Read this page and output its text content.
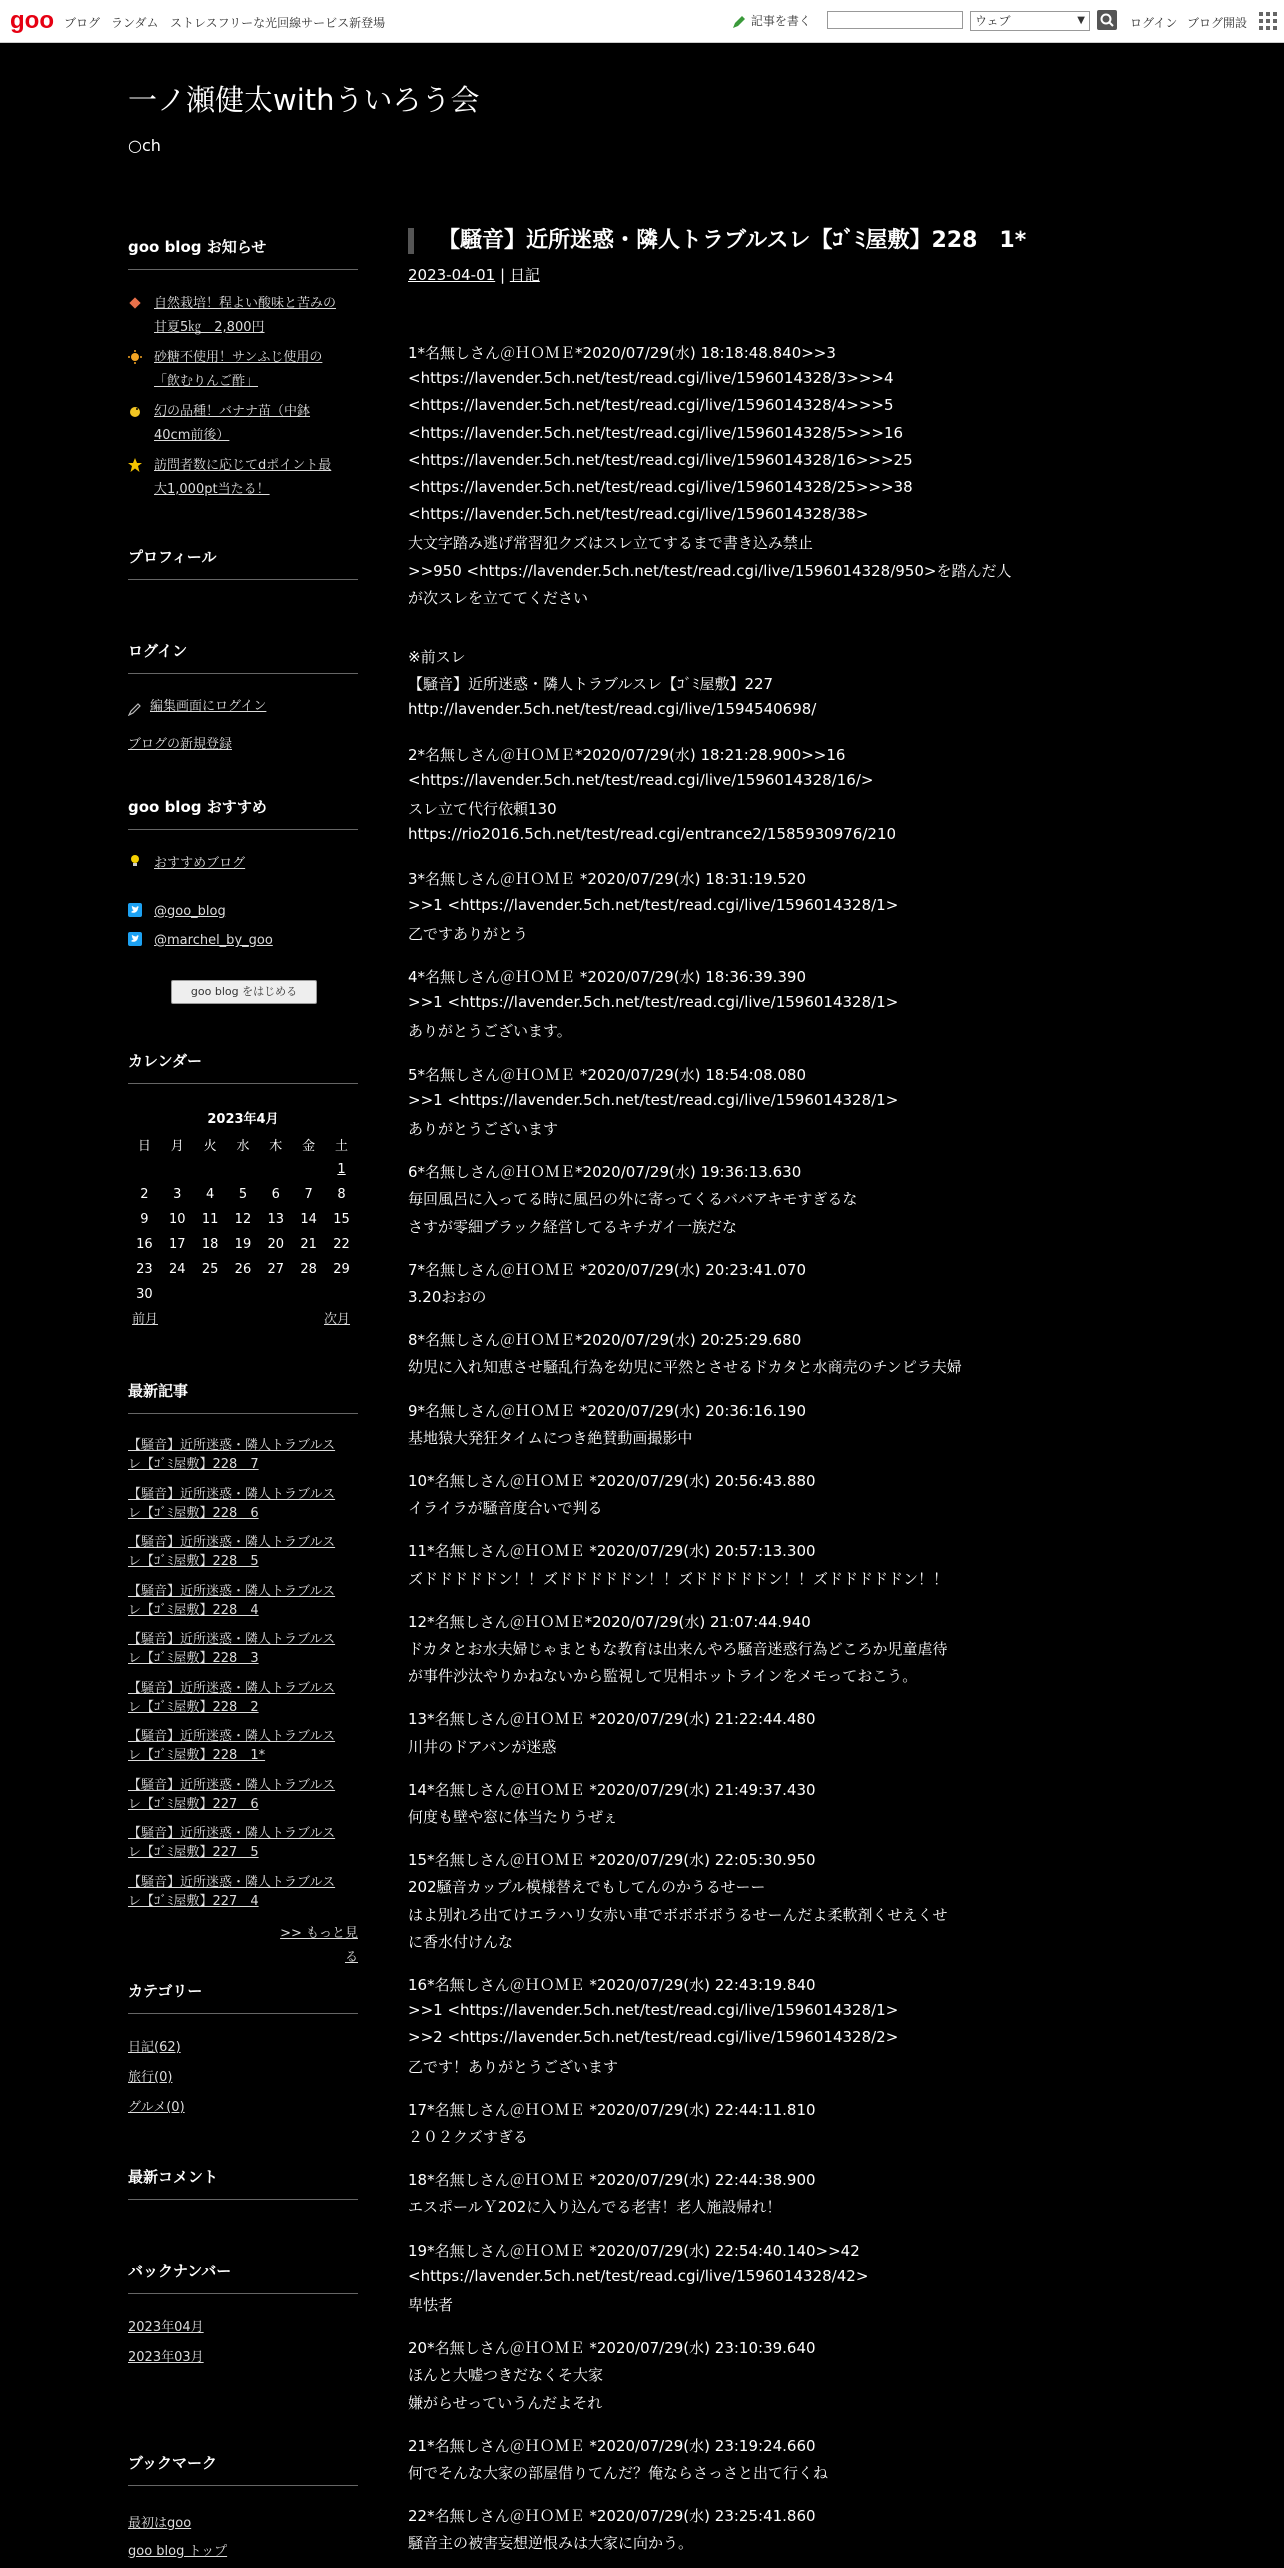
goo ブログ ランダム ストレスフリーな光回線サービス新登場	記事を書く	ウェブ	▼	ログイン ブログ開設
一ノ瀬健太withういろう会
○ch
goo blog お知らせ
自然栽培！程よい酸味と苦みの
甘夏5㎏　2,800円
砂糖不使用！サンふじ使用の
「飲むりんご酢」
幻の品種！バナナ苗（中鉢
40cm前後）
訪問者数に応じてdポイント最
大1,000pt当たる！
プロフィール
ログイン
編集画面にログイン
ブログの新規登録
goo blog おすすめ
おすすめブログ
@goo_blog
@marchel_by_goo
goo blog をはじめる
カレンダー
2023年4月
日	月	火	水	木	金	土
						1
2	3	4	5	6	7	8
9	10	11	12	13	14	15
16	17	18	19	20	21	22
23	24	25	26	27	28	29
30						
前月	次月
最新記事
【騒音】近所迷惑・隣人トラブルス
レ【ｺﾞﾐ屋敷】228　7
【騒音】近所迷惑・隣人トラブルス
レ【ｺﾞﾐ屋敷】228　6
【騒音】近所迷惑・隣人トラブルス
レ【ｺﾞﾐ屋敷】228　5
【騒音】近所迷惑・隣人トラブルス
レ【ｺﾞﾐ屋敷】228　4
【騒音】近所迷惑・隣人トラブルス
レ【ｺﾞﾐ屋敷】228　3
【騒音】近所迷惑・隣人トラブルス
レ【ｺﾞﾐ屋敷】228　2
【騒音】近所迷惑・隣人トラブルス
レ【ｺﾞﾐ屋敷】228　1*
【騒音】近所迷惑・隣人トラブルス
レ【ｺﾞﾐ屋敷】227　6
【騒音】近所迷惑・隣人トラブルス
レ【ｺﾞﾐ屋敷】227　5
【騒音】近所迷惑・隣人トラブルス
レ【ｺﾞﾐ屋敷】227　4
>> もっと見る
カテゴリー
日記(62)
旅行(0)
グルメ(0)
最新コメント
バックナンバー
2023年04月
2023年03月
ブックマーク
最初はgoo
goo blog トップ
【騒音】近所迷惑・隣人トラブルスレ【ｺﾞﾐ屋敷】228　1*
2023-04-01 | 日記
1*名無しさん＠ＨＯＭＥ*2020/07/29(水) 18:18:48.840>>3
<https://lavender.5ch.net/test/read.cgi/live/1596014328/3>>>4
<https://lavender.5ch.net/test/read.cgi/live/1596014328/4>>>5
<https://lavender.5ch.net/test/read.cgi/live/1596014328/5>>>16
<https://lavender.5ch.net/test/read.cgi/live/1596014328/16>>>25
<https://lavender.5ch.net/test/read.cgi/live/1596014328/25>>>38
<https://lavender.5ch.net/test/read.cgi/live/1596014328/38>
大文字踏み逃げ常習犯クズはスレ立てするまで書き込み禁止
>>950 <https://lavender.5ch.net/test/read.cgi/live/1596014328/950>を踏んだ人
が次スレを立ててください
※前スレ
【騒音】近所迷惑・隣人トラブルスレ【ｺﾞﾐ屋敷】227
http://lavender.5ch.net/test/read.cgi/live/1594540698/
2*名無しさん＠ＨＯＭＥ*2020/07/29(水) 18:21:28.900>>16
<https://lavender.5ch.net/test/read.cgi/live/1596014328/16/>
スレ立て代行依頼130
https://rio2016.5ch.net/test/read.cgi/entrance2/1585930976/210
3*名無しさん＠ＨＯＭＥ *2020/07/29(水) 18:31:19.520
>>1 <https://lavender.5ch.net/test/read.cgi/live/1596014328/1>
乙ですありがとう
4*名無しさん＠ＨＯＭＥ *2020/07/29(水) 18:36:39.390
>>1 <https://lavender.5ch.net/test/read.cgi/live/1596014328/1>
ありがとうございます。
5*名無しさん＠ＨＯＭＥ *2020/07/29(水) 18:54:08.080
>>1 <https://lavender.5ch.net/test/read.cgi/live/1596014328/1>
ありがとうございます
6*名無しさん＠ＨＯＭＥ*2020/07/29(水) 19:36:13.630
毎回風呂に入ってる時に風呂の外に寄ってくるババアキモすぎるな
さすが零細ブラック経営してるキチガイ一族だな
7*名無しさん＠ＨＯＭＥ *2020/07/29(水) 20:23:41.070
3.20おおの
8*名無しさん＠ＨＯＭＥ*2020/07/29(水) 20:25:29.680
幼児に入れ知恵させ騒乱行為を幼児に平然とさせるドカタと水商売のチンピラ夫婦
9*名無しさん＠ＨＯＭＥ *2020/07/29(水) 20:36:16.190
基地猿大発狂タイムにつき絶賛動画撮影中
10*名無しさん＠ＨＯＭＥ *2020/07/29(水) 20:56:43.880
イライラが騒音度合いで判る
11*名無しさん＠ＨＯＭＥ *2020/07/29(水) 20:57:13.300
ズドドドドドン！！ズドドドドドン！！ズドドドドドン！！ズドドドドドン！！
12*名無しさん＠ＨＯＭＥ*2020/07/29(水) 21:07:44.940
ドカタとお水夫婦じゃまともな教育は出来んやろ騒音迷惑行為どころか児童虐待
が事件沙汰やりかねないから監視して児相ホットラインをメモっておこう。
13*名無しさん＠ＨＯＭＥ *2020/07/29(水) 21:22:44.480
川井のドアバンが迷惑
14*名無しさん＠ＨＯＭＥ *2020/07/29(水) 21:49:37.430
何度も壁や窓に体当たりうぜぇ
15*名無しさん＠ＨＯＭＥ *2020/07/29(水) 22:05:30.950
202騒音カップル模様替えでもしてんのかうるせーー
はよ別れろ出てけエラハリ女赤い車でボボボボうるせーんだよ柔軟剤くせえくせ
に香水付けんな
16*名無しさん＠ＨＯＭＥ *2020/07/29(水) 22:43:19.840
>>1 <https://lavender.5ch.net/test/read.cgi/live/1596014328/1>
>>2 <https://lavender.5ch.net/test/read.cgi/live/1596014328/2>
乙です！ありがとうございます
17*名無しさん＠ＨＯＭＥ *2020/07/29(水) 22:44:11.810
２０２クズすぎる
18*名無しさん＠ＨＯＭＥ *2020/07/29(水) 22:44:38.900
エスポールＹ202に入り込んでる老害！老人施設帰れ！
19*名無しさん＠ＨＯＭＥ *2020/07/29(水) 22:54:40.140>>42
<https://lavender.5ch.net/test/read.cgi/live/1596014328/42>
卑怯者
20*名無しさん＠ＨＯＭＥ *2020/07/29(水) 23:10:39.640
ほんと大嘘つきだなくそ大家
嫌がらせっていうんだよそれ
21*名無しさん＠ＨＯＭＥ *2020/07/29(水) 23:19:24.660
何でそんな大家の部屋借りてんだ？俺ならさっさと出て行くね
22*名無しさん＠ＨＯＭＥ *2020/07/29(水) 23:25:41.860
騒音主の被害妄想逆恨みは大家に向かう。
